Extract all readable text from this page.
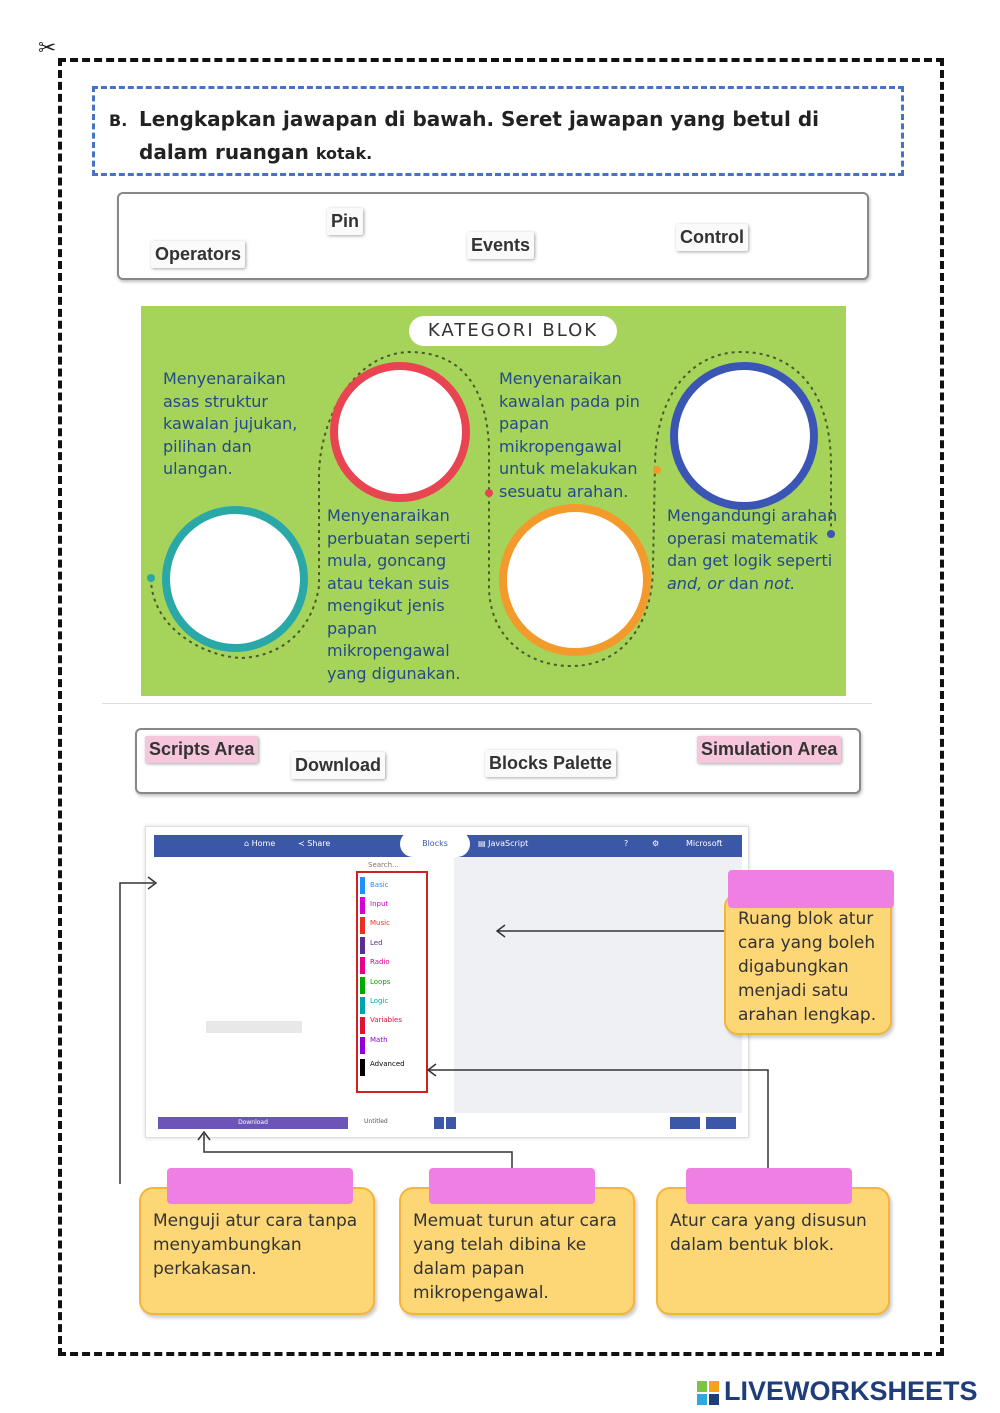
✂
B. Lengkapkan jawapan di bawah. Seret jawapan yang betul di dalam ruangan kotak.
Pin
Operators	Events	Control
KATEGORI BLOK
Menyenaraikan asas struktur kawalan jujukan, pilihan dan ulangan.
Menyenaraikan kawalan pada pin papan mikropengawal untuk melakukan sesuatu arahan.
Menyenaraikan perbuatan seperti mula, goncang atau tekan suis mengikut jenis papan mikropengawal yang digunakan.
Mengandungi arahan operasi matematik dan get logik seperti and, or dan not.
Scripts Area
Download	Blocks Palette
Simulation Area
⌂ Home	≺ Share	Blocks	▤ JavaScript	?	⚙	Microsoft
Search...
Basic
Input
Music
Led
Radio
Loops
Logic
Variables
Math
Advanced
Download	Untitled
Ruang blok atur cara yang boleh digabungkan menjadi satu arahan lengkap.
Menguji atur cara tanpa menyambungkan perkakasan.
Memuat turun atur cara yang telah dibina ke dalam papan mikropengawal.
Atur cara yang disusun dalam bentuk blok.
LIVEWORKSHEETS
